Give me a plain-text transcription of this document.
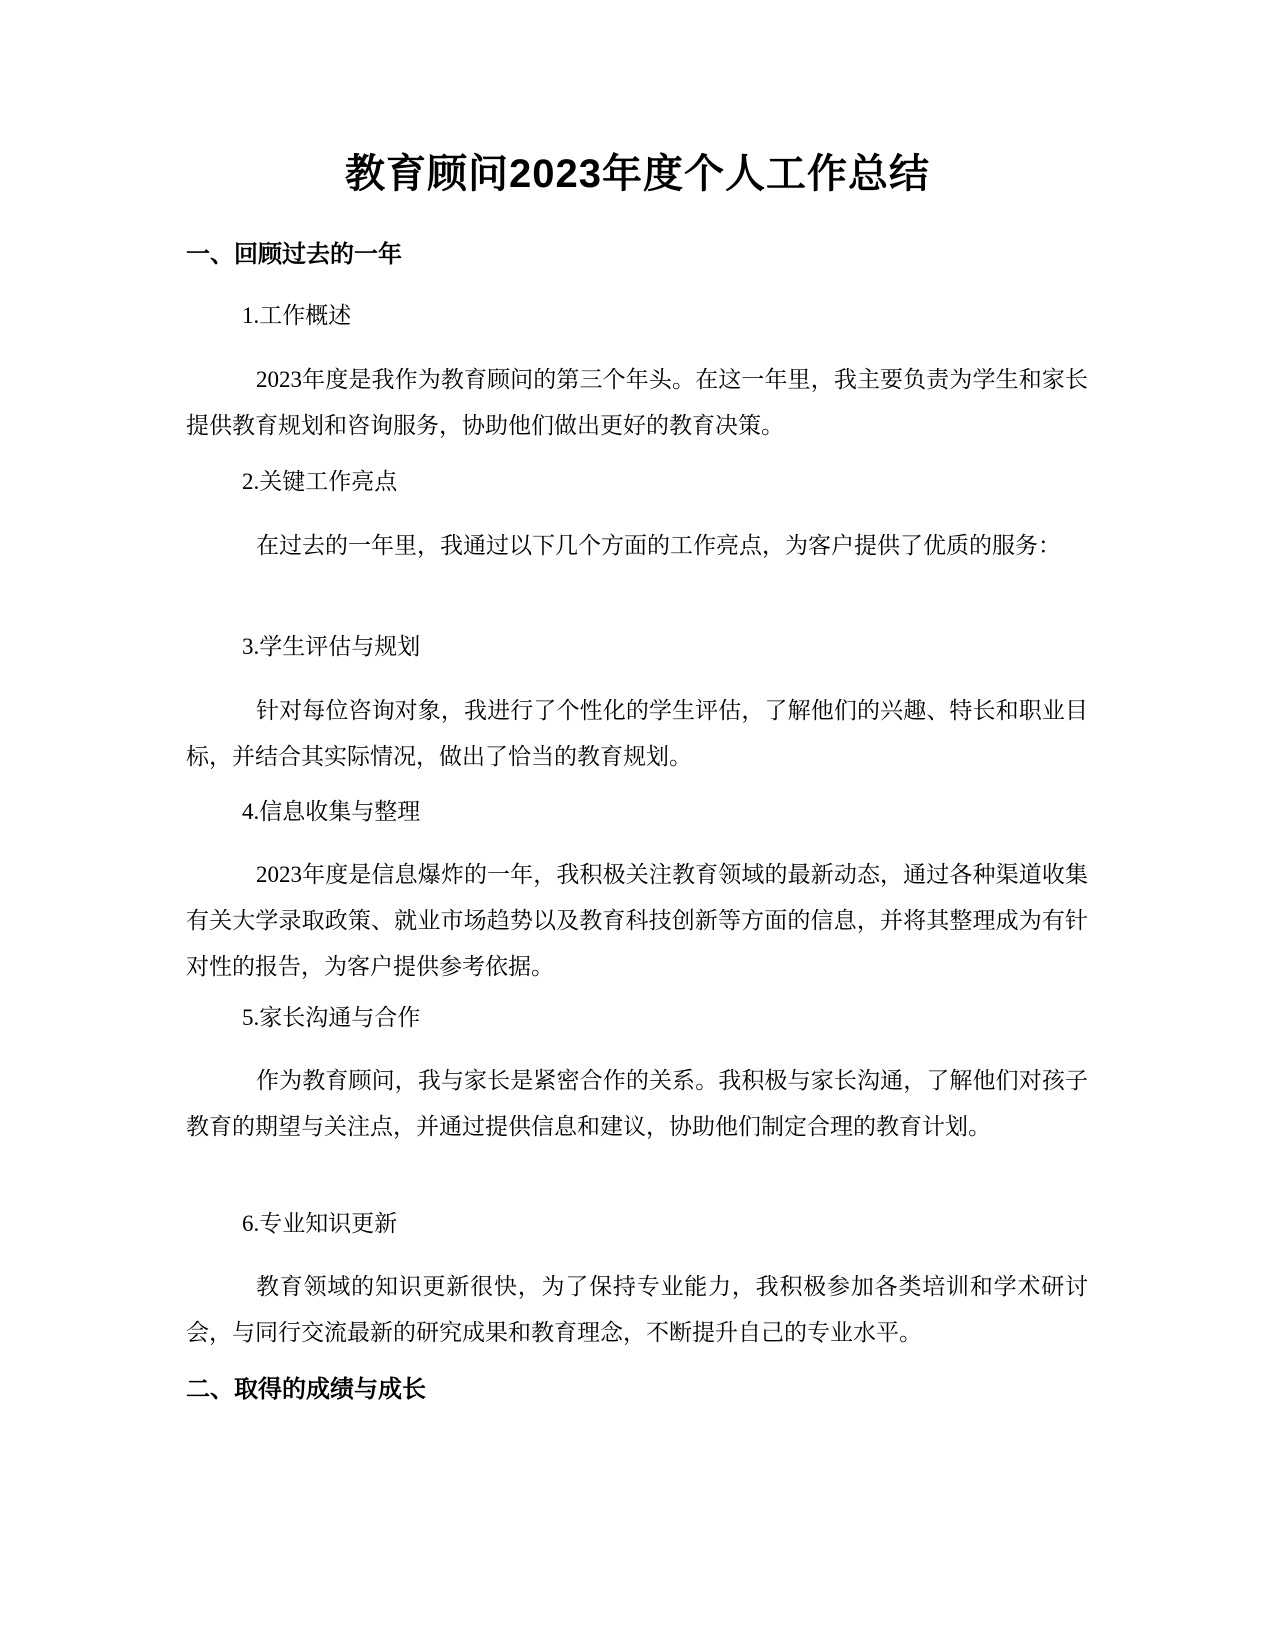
教育顾问2023年度个人工作总结
一、回顾过去的一年
1.工作概述

2023年度是我作为教育顾问的第三个年头。在这一年里，我主要负责为学生和家长提供教育规划和咨询服务，协助他们做出更好的教育决策。

2.关键工作亮点

在过去的一年里，我通过以下几个方面的工作亮点，为客户提供了优质的服务：

3.学生评估与规划

针对每位咨询对象，我进行了个性化的学生评估，了解他们的兴趣、特长和职业目标，并结合其实际情况，做出了恰当的教育规划。

4.信息收集与整理

2023年度是信息爆炸的一年，我积极关注教育领域的最新动态，通过各种渠道收集有关大学录取政策、就业市场趋势以及教育科技创新等方面的信息，并将其整理成为有针对性的报告，为客户提供参考依据。

5.家长沟通与合作

作为教育顾问，我与家长是紧密合作的关系。我积极与家长沟通，了解他们对孩子教育的期望与关注点，并通过提供信息和建议，协助他们制定合理的教育计划。

6.专业知识更新

教育领域的知识更新很快，为了保持专业能力，我积极参加各类培训和学术研讨会，与同行交流最新的研究成果和教育理念，不断提升自己的专业水平。

二、取得的成绩与成长
